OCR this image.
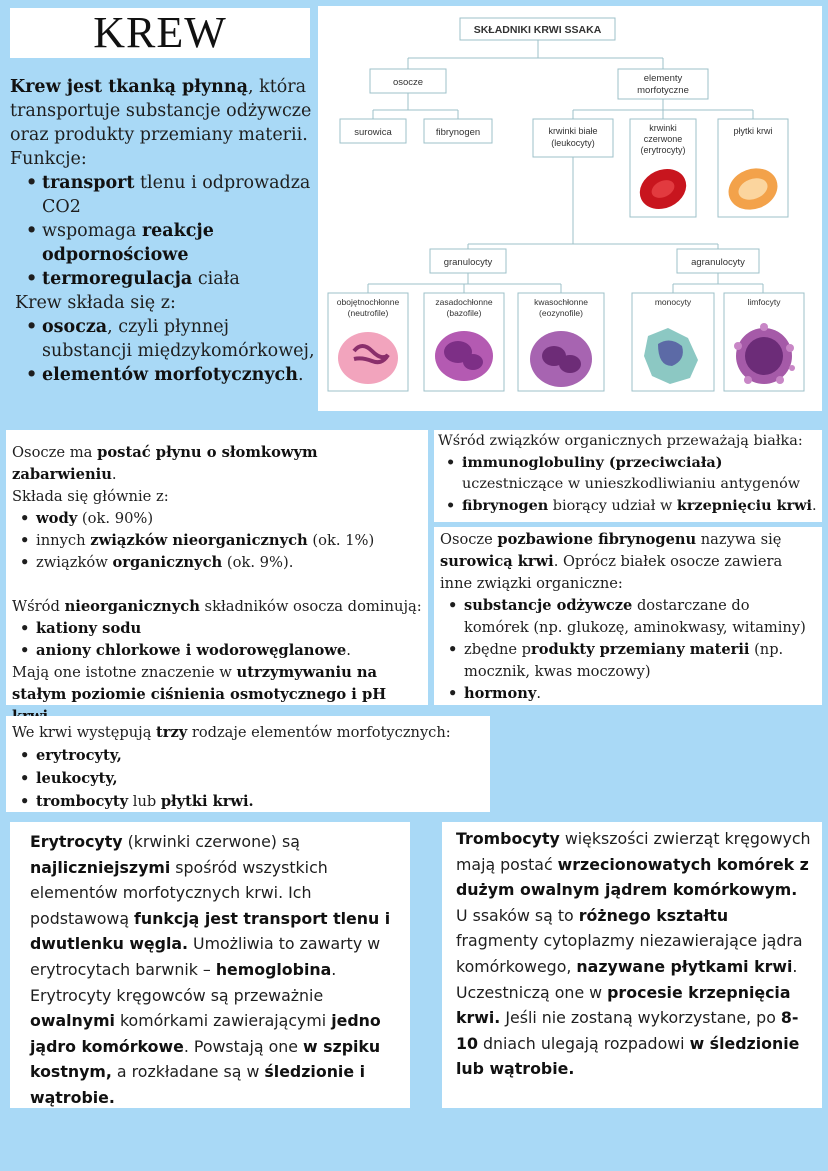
KREW

Krew jest tkanką płynną, która transportuje substancje odżywcze oraz produkty przemiany materii.

Funkcje:

• transport tlenu i odprowadza CO2
• wspomaga reakcje odpornościowe
• termoregulacja ciała

Krew składa się z:

• osocza, czyli płynnej substancji międzykomórkowej,
• elementów morfotycznych.
SKŁADNIKI KRWI SSAKA
osocze	elementy
morfotyczne
surowica	fibrynogen	krwinki białe
(leukocyty)
krwinki
czerwone
(erytrocyty)
płytki krwi
granulocyty	agranulocyty
obojętnochłonne
(neutrofile)
zasadochłonne
(bazofile)
kwasochłonne
(eozynofile)
monocyty	limfocyty

Osocze ma postać płynu o słomkowym zabarwieniu.

Składa się głównie z:

• wody (ok. 90%)
• innych związków nieorganicznych (ok. 1%)
• związków organicznych (ok. 9%).

Wśród nieorganicznych składników osocza dominują:

• kationy sodu
• aniony chlorkowe i wodorowęglanowe.

Mają one istotne znaczenie w utrzymywaniu na stałym poziomie ciśnienia osmotycznego i pH

Wśród związków organicznych przeważają białka:
• immunoglobuliny (przeciwciała) uczestniczące w unieszkodliwianiu antygenów
• fibrynogen biorący udział w krzepnięciu krwi.

Osocze pozbawione fibrynogenu nazywa się surowicą krwi. Oprócz białek osocze zawiera inne związki organiczne:

• substancje odżywcze dostarczane do komórek (np. glukozę, aminokwasy, witaminy)
• zbędne produkty przemiany materii (np. mocznik, kwas moczowy)
• hormony.
We krwi występują trzy rodzaje elementów morfotycznych:
• erytrocyty,
• leukocyty,
• trombocyty lub płytki krwi.

Erytrocyty (krwinki czerwone) są najliczniejszymi spośród wszystkich elementów morfotycznych krwi. Ich podstawową funkcją jest transport tlenu i dwutlenku węgla. Umożliwia to zawarty w erytrocytach barwnik – hemoglobina. Erytrocyty kręgowców są przeważnie owalnymi komórkami zawierającymi jedno jądro komórkowe. Powstają one w szpiku kostnym, a rozkładane są w śledzionie i wątrobie.

Trombocyty większości zwierząt kręgowych mają postać wrzecionowatych komórek z dużym owalnym jądrem komórkowym. U ssaków są to różnego kształtu fragmenty cytoplazmy niezawierające jądra komórkowego, nazywane płytkami krwi. Uczestniczą one w procesie krzepnięcia krwi. Jeśli nie zostaną wykorzystane, po 8-10 dniach ulegają rozpadowi w śledzionie lub wątrobie.
